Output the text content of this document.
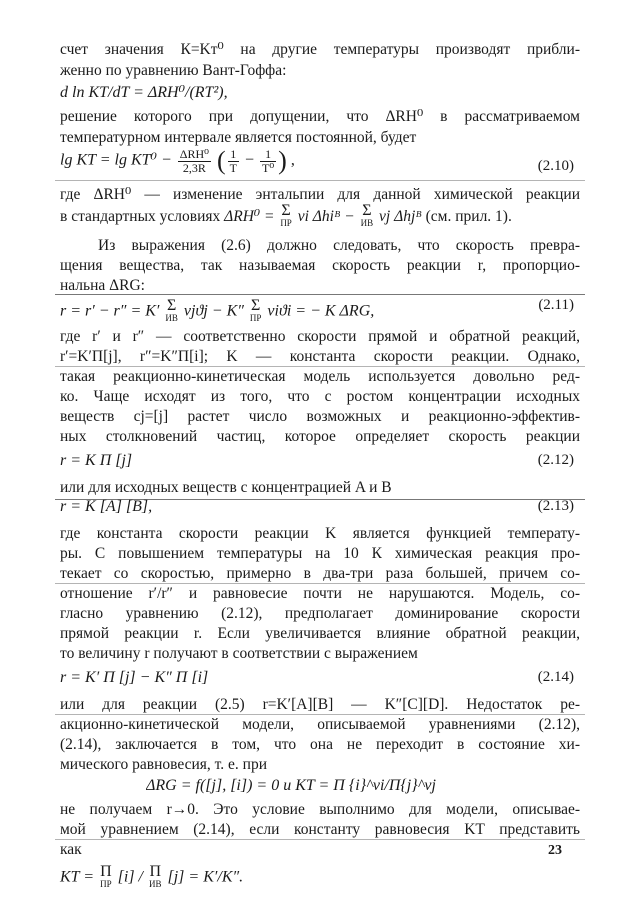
счет значения К=Kт⁰ на другие температуры производят прибли-
женно по уравнению Вант-Гоффа:
d ln KT/dT = ΔRH⁰/(RT²),
решение которого при допущении, что ΔRH⁰ в рассматриваемом
температурном интервале является постоянной, будет
lg KT = $\lg KT^0 - \frac{\text{ΔRH⁰}}{2,3R}$ ( $\frac{1}{T} - \frac{1}{\text{T⁰}}$ ) ,	(2.10)
где ΔRH⁰ — изменение энтальпии для данной химической реакции
в стандартных условиях ΔRH⁰ = Σ
ПР νi Δhiᴮ − Σ
ИВ νj Δhjᴮ (см. прил. 1).
Из выражения (2.6) должно следовать, что скорость превра-
щения вещества, так называемая скорость реакции r, пропорцио-
нальна ΔRG:
r = r′ − r″ = K′ Σ
ИВ νjϑj − K″ Σ
ПР νiϑi = − K ΔRG,	(2.11)
где r′ и r″ — соответственно скорости прямой и обратной реакций,
r′=K′Π[j], r″=K″Π[i]; K — константа скорости реакции. Однако,
такая реакционно-кинетическая модель используется довольно ред-
ко. Чаще исходят из того, что с ростом концентрации исходных
веществ cj=[j] растет число возможных и реакционно-эффектив-
ных столкновений частиц, которое определяет скорость реакции
r = K Π [j]	(2.12)
или для исходных веществ с концентрацией A и B
r = K [A] [B],	(2.13)
где константа скорости реакции K является функцией температу-
ры. С повышением температуры на 10 К химическая реакция про-
текает со скоростью, примерно в два-три раза большей, причем со-
отношение r′/r″ и равновесие почти не нарушаются. Модель, со-
гласно уравнению (2.12), предполагает доминирование скорости
прямой реакции r. Если увеличивается влияние обратной реакции,
то величину r получают в соответствии с выражением
r = K′ Π [j] − K″ Π [i]	(2.14)
или для реакции (2.5) r=K′[A][B] — K″[C][D]. Недостаток ре-
акционно-кинетической модели, описываемой уравнениями (2.12),
(2.14), заключается в том, что она не переходит в состояние хи-
мического равновесия, т. е. при
ΔRG = f([j], [i]) = 0 и KT = Π {i}^νi/Π{j}^νj
не получаем r→0. Это условие выполнимо для модели, описывае-
мой уравнением (2.14), если константу равновесия KT представить
как
KT = Π
ПР [i] / Π
ИВ [j] = K′/K″.
23
